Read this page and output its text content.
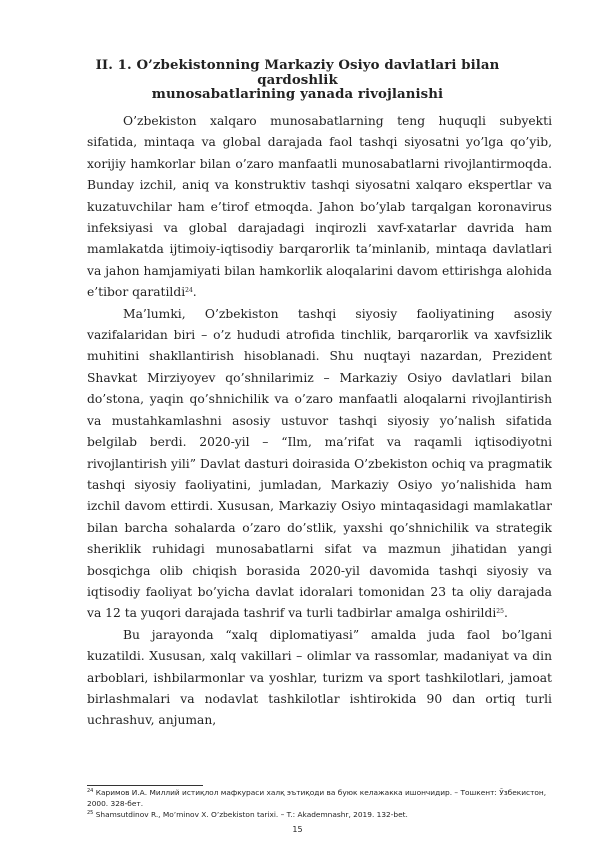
II. 1. O’zbekistonning Markaziy Osiyo davlatlari bilan qardoshlik
munosabatlarining yanada rivojlanishi

O’zbekiston xalqaro munosabatlarning teng huquqli subyekti sifatida, mintaqa va global darajada faol tashqi siyosatni yo’lga qo’yib, xorijiy hamkorlar bilan o’zaro manfaatli munosabatlarni rivojlantirmoqda. Bunday izchil, aniq va konstruktiv tashqi siyosatni xalqaro ekspertlar va kuzatuvchilar ham e’tirof etmoqda. Jahon bo’ylab tarqalgan koronavirus infeksiyasi va global darajadagi inqirozli xavf-xatarlar davrida ham mamlakatda ijtimoiy-iqtisodiy barqarorlik ta’minlanib, mintaqa davlatlari va jahon hamjamiyati bilan hamkorlik aloqalarini davom ettirishga alohida e’tibor qaratildi$^{24}$.

Ma’lumki, O’zbekiston tashqi siyosiy faoliyatining asosiy vazifalaridan biri – o’z hududi atrofida tinchlik, barqarorlik va xavfsizlik muhitini shakllantirish hisoblanadi. Shu nuqtayi nazardan, Prezident Shavkat Mirziyoyev qo’shnilarimiz – Markaziy Osiyo davlatlari bilan do’stona, yaqin qo’shnichilik va o’zaro manfaatli aloqalarni rivojlantirish va mustahkamlashni asosiy ustuvor tashqi siyosiy yo’nalish sifatida belgilab berdi. 2020-yil – “Ilm, ma’rifat va raqamli iqtisodiyotni rivojlantirish yili” Davlat dasturi doirasida O’zbekiston ochiq va pragmatik tashqi siyosiy faoliyatini, jumladan, Markaziy Osiyo yo’nalishida ham izchil davom ettirdi. Xususan, Markaziy Osiyo mintaqasidagi mamlakatlar bilan barcha sohalarda o’zaro do’stlik, yaxshi qo’shnichilik va strategik sheriklik ruhidagi munosabatlarni sifat va mazmun jihatidan yangi bosqichga olib chiqish borasida 2020-yil davomida tashqi siyosiy va iqtisodiy faoliyat bo’yicha davlat idoralari tomonidan 23 ta oliy darajada va 12 ta yuqori darajada tashrif va turli tadbirlar amalga oshirildi$^{25}$.

Bu jarayonda “xalq diplomatiyasi” amalda juda faol bo’lgani kuzatildi. Xususan, xalq vakillari – olimlar va rassomlar, madaniyat va din arboblari, ishbilarmonlar va yoshlar, turizm va sport tashkilotlari, jamoat birlashmalari va nodavlat tashkilotlar ishtirokida 90 dan ortiq turli uchrashuv, anjuman,

$^{24}$ Каримов И.А. Миллий истиқлол мафкураси халқ эътиқоди ва буюк келажакка ишончидир. – Тошкент: Ўзбекистон, 2000. 328-бет.
$^{25}$ Shamsutdinov R., Mo’minov X. O’zbekiston tarixi. – T.: Akademnashr, 2019. 132-bet.
15
